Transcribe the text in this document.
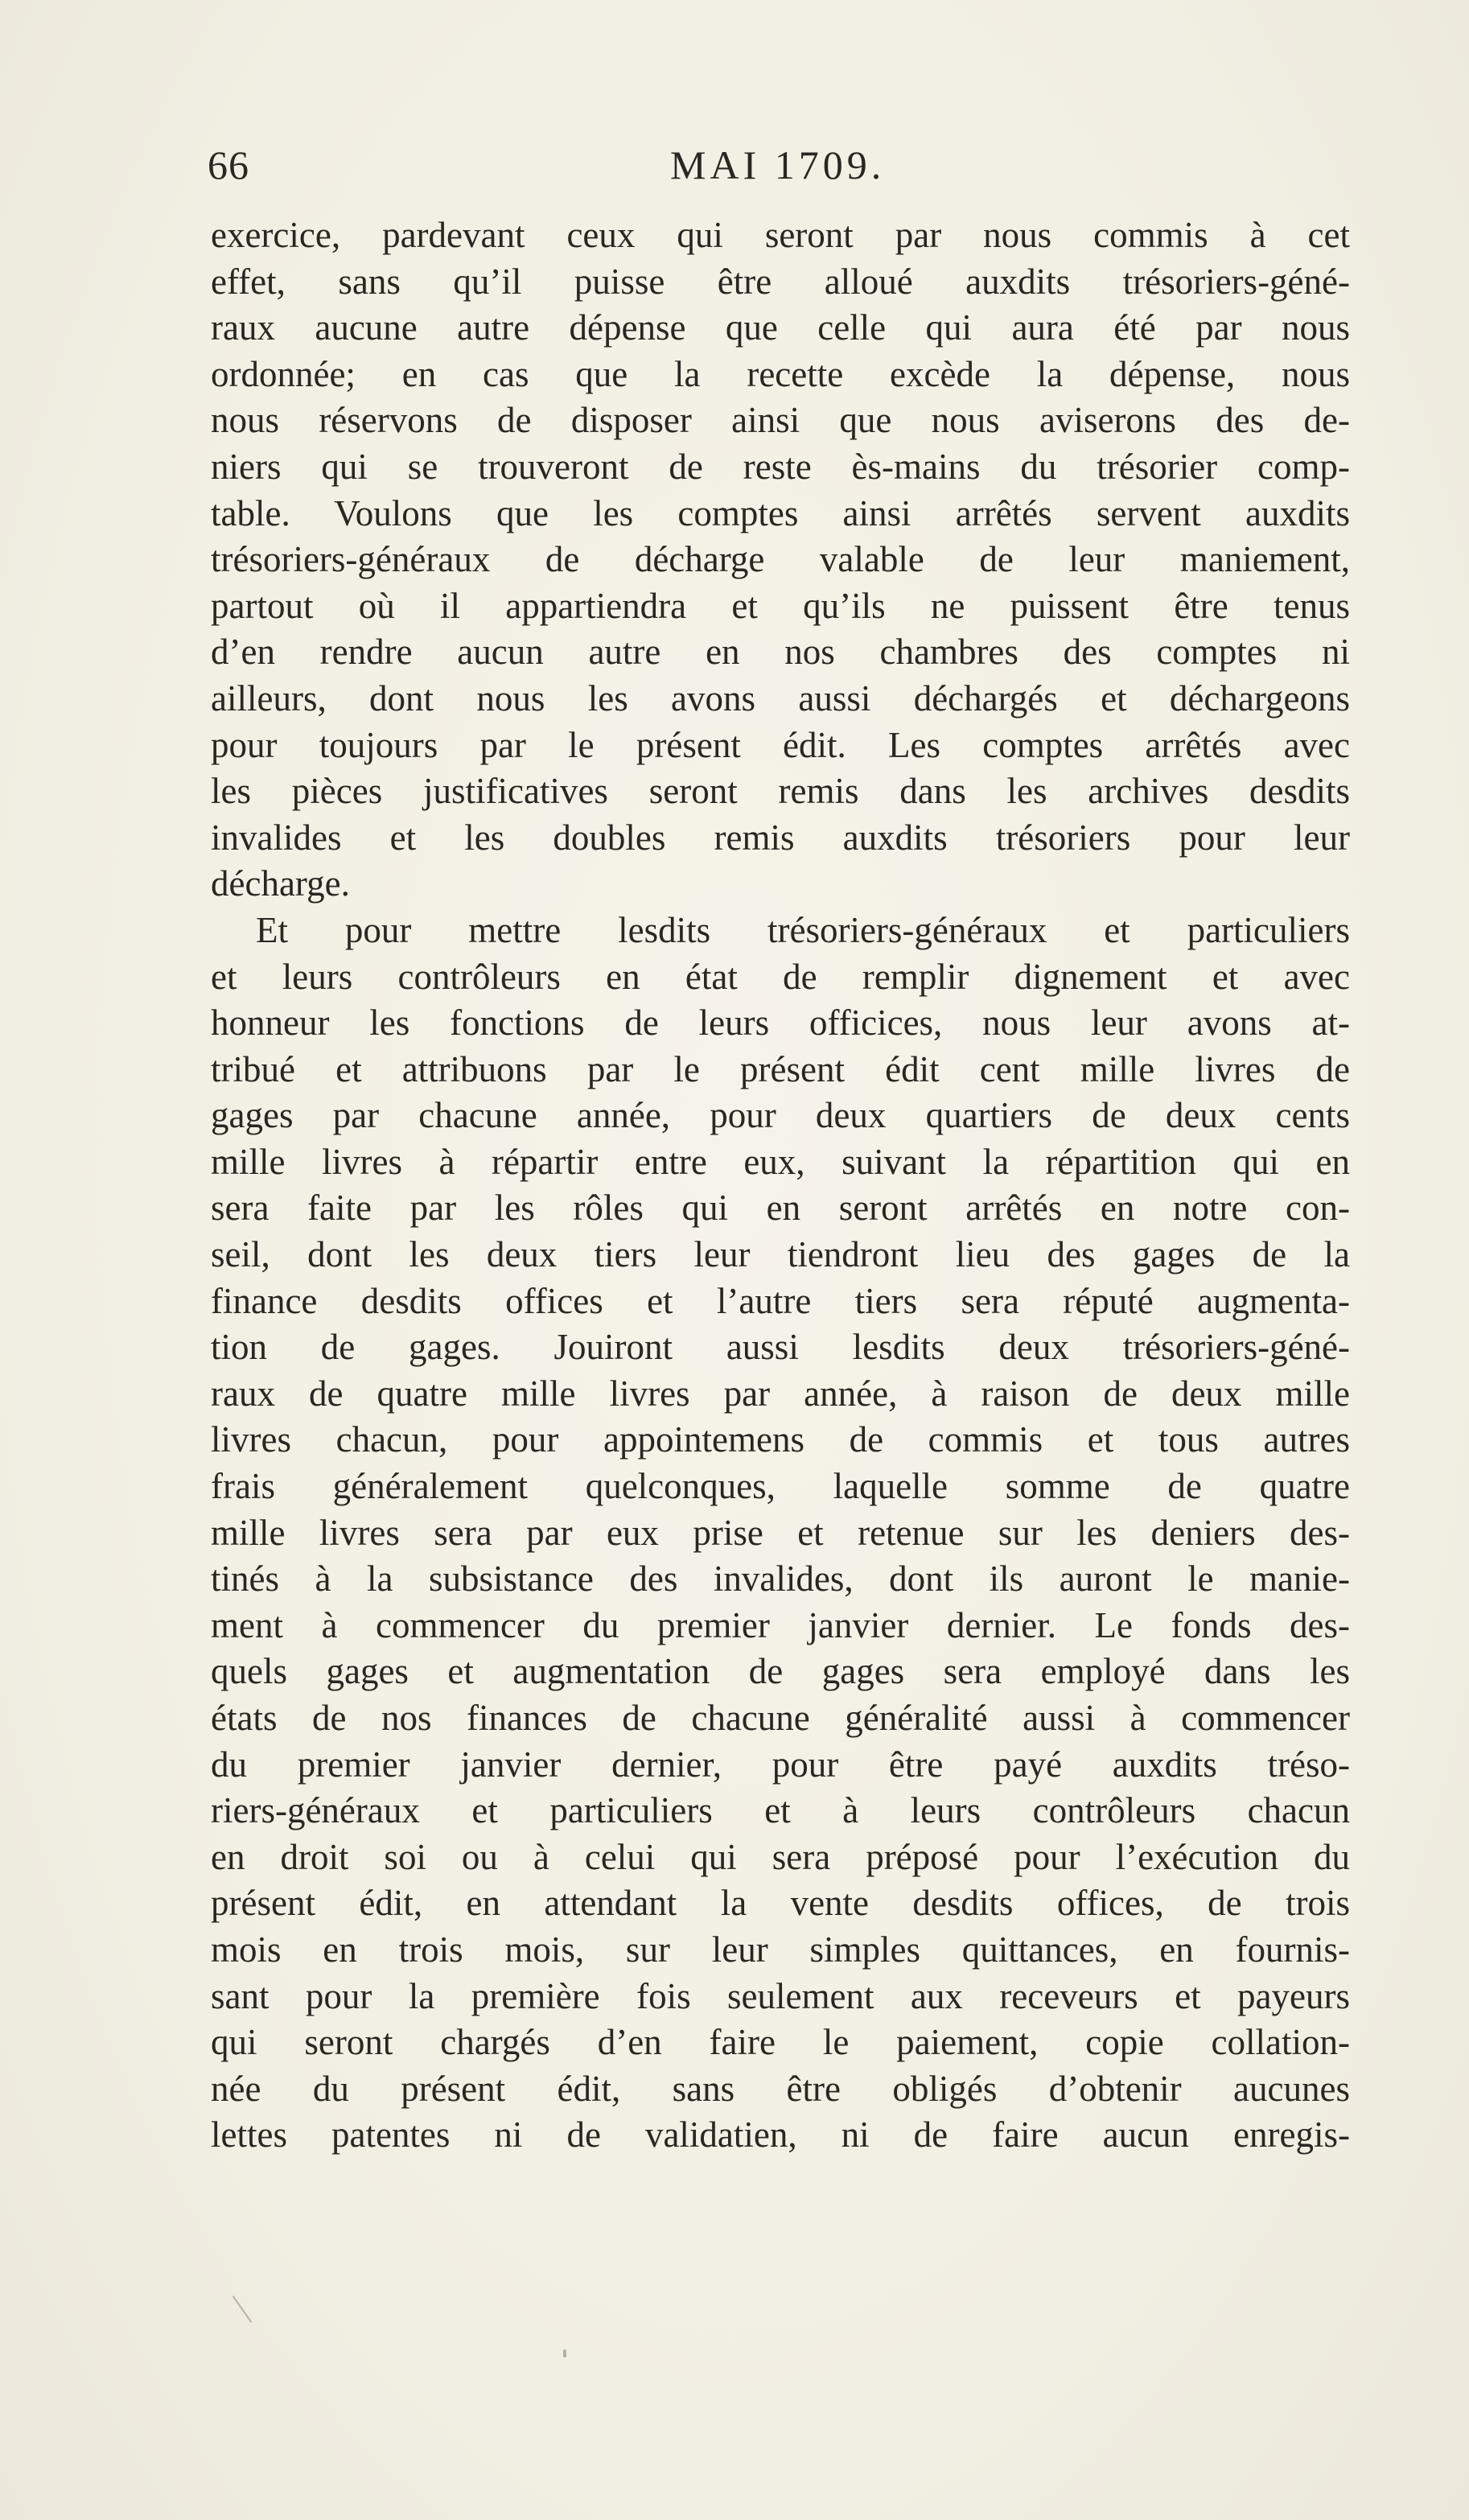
66	MAI 1709.
exercice, pardevant ceux qui seront par nous commis à cet
effet, sans qu’il puisse être alloué auxdits trésoriers-géné-
raux aucune autre dépense que celle qui aura été par nous
ordonnée; en cas que la recette excède la dépense, nous
nous réservons de disposer ainsi que nous aviserons des de-
niers qui se trouveront de reste ès-mains du trésorier comp-
table. Voulons que les comptes ainsi arrêtés servent auxdits
trésoriers-généraux de décharge valable de leur maniement,
partout où il appartiendra et qu’ils ne puissent être tenus
d’en rendre aucun autre en nos chambres des comptes ni
ailleurs, dont nous les avons aussi déchargés et déchargeons
pour toujours par le présent édit. Les comptes arrêtés avec
les pièces justificatives seront remis dans les archives desdits
invalides et les doubles remis auxdits trésoriers pour leur
décharge.
Et pour mettre lesdits trésoriers-généraux et particuliers
et leurs contrôleurs en état de remplir dignement et avec
honneur les fonctions de leurs officices, nous leur avons at-
tribué et attribuons par le présent édit cent mille livres de
gages par chacune année, pour deux quartiers de deux cents
mille livres à répartir entre eux, suivant la répartition qui en
sera faite par les rôles qui en seront arrêtés en notre con-
seil, dont les deux tiers leur tiendront lieu des gages de la
finance desdits offices et l’autre tiers sera réputé augmenta-
tion de gages. Jouiront aussi lesdits deux trésoriers-géné-
raux de quatre mille livres par année, à raison de deux mille
livres chacun, pour appointemens de commis et tous autres
frais généralement quelconques, laquelle somme de quatre
mille livres sera par eux prise et retenue sur les deniers des-
tinés à la subsistance des invalides, dont ils auront le manie-
ment à commencer du premier janvier dernier. Le fonds des-
quels gages et augmentation de gages sera employé dans les
états de nos finances de chacune généralité aussi à commencer
du premier janvier dernier, pour être payé auxdits tréso-
riers-généraux et particuliers et à leurs contrôleurs chacun
en droit soi ou à celui qui sera préposé pour l’exécution du
présent édit, en attendant la vente desdits offices, de trois
mois en trois mois, sur leur simples quittances, en fournis-
sant pour la première fois seulement aux receveurs et payeurs
qui seront chargés d’en faire le paiement, copie collation-
née du présent édit, sans être obligés d’obtenir aucunes
lettes patentes ni de validatien, ni de faire aucun enregis-
